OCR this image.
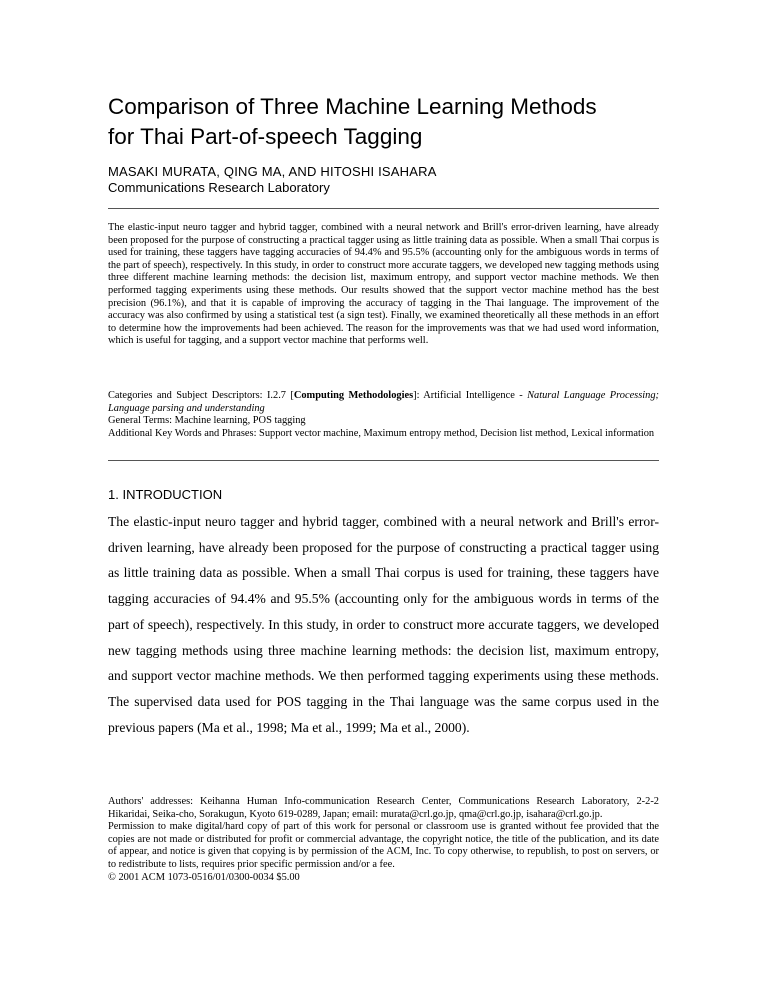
Comparison of Three Machine Learning Methods
for Thai Part-of-speech Tagging
MASAKI MURATA, QING MA, AND HITOSHI ISAHARA
Communications Research Laboratory

The elastic-input neuro tagger and hybrid tagger, combined with a neural network and Brill's error-driven learning, have already been proposed for the purpose of constructing a practical tagger using as little training data as possible. When a small Thai corpus is used for training, these taggers have tagging accuracies of 94.4% and 95.5% (accounting only for the ambiguous words in terms of the part of speech), respectively. In this study, in order to construct more accurate taggers, we developed new tagging methods using three different machine learning methods: the decision list, maximum entropy, and support vector machine methods. We then performed tagging experiments using these methods. Our results showed that the support vector machine method has the best precision (96.1%), and that it is capable of improving the accuracy of tagging in the Thai language. The improvement of the accuracy was also confirmed by using a statistical test (a sign test). Finally, we examined theoretically all these methods in an effort to determine how the improvements had been achieved. The reason for the improvements was that we had used word information, which is useful for tagging, and a support vector machine that performs well.

Categories and Subject Descriptors: I.2.7 [Computing Methodologies]: Artificial Intelligence - Natural Language Processing; Language parsing and understanding

General Terms: Machine learning, POS tagging

Additional Key Words and Phrases: Support vector machine, Maximum entropy method, Decision list method, Lexical information

1. INTRODUCTION

The elastic-input neuro tagger and hybrid tagger, combined with a neural network and Brill's error-driven learning, have already been proposed for the purpose of constructing a practical tagger using as little training data as possible. When a small Thai corpus is used for training, these taggers have tagging accuracies of 94.4% and 95.5% (accounting only for the ambiguous words in terms of the part of speech), respectively. In this study, in order to construct more accurate taggers, we developed new tagging methods using three machine learning methods: the decision list, maximum entropy, and support vector machine methods. We then performed tagging experiments using these methods. The supervised data used for POS tagging in the Thai language was the same corpus used in the previous papers (Ma et al., 1998; Ma et al., 1999; Ma et al., 2000).

Authors' addresses: Keihanna Human Info-communication Research Center, Communications Research Laboratory, 2-2-2 Hikaridai, Seika-cho, Sorakugun, Kyoto 619-0289, Japan; email: murata@crl.go.jp, qma@crl.go.jp, isahara@crl.go.jp.

Permission to make digital/hard copy of part of this work for personal or classroom use is granted without fee provided that the copies are not made or distributed for profit or commercial advantage, the copyright notice, the title of the publication, and its date of appear, and notice is given that copying is by permission of the ACM, Inc. To copy otherwise, to republish, to post on servers, or to redistribute to lists, requires prior specific permission and/or a fee.

© 2001 ACM 1073-0516/01/0300-0034 $5.00
